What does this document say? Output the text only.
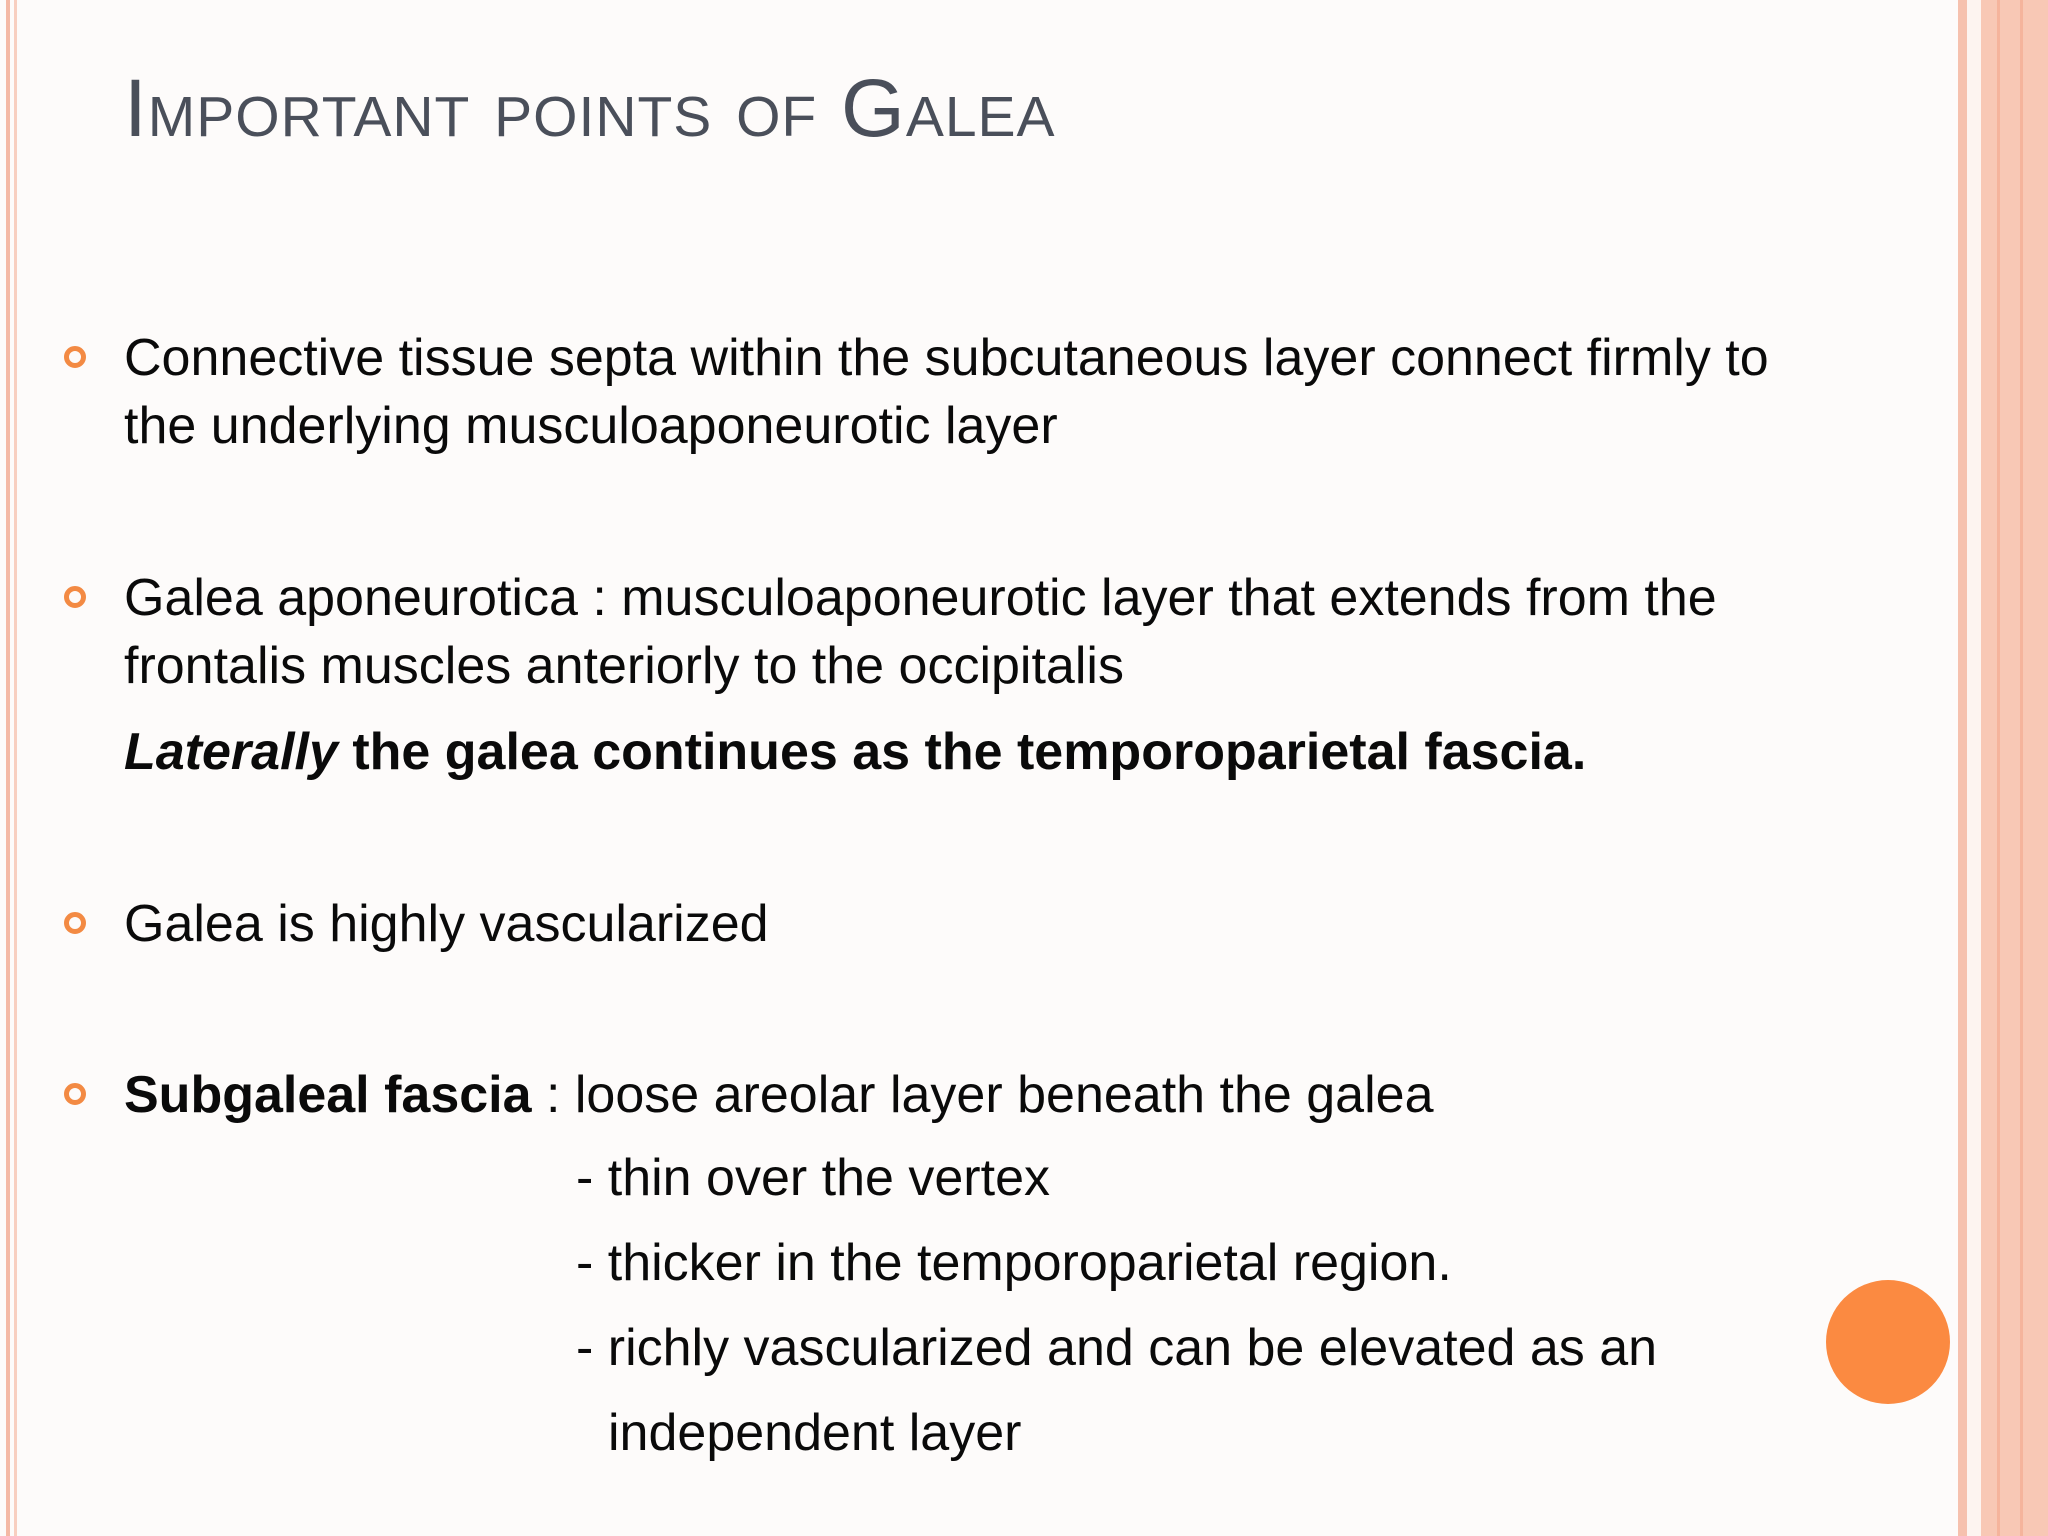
Important points of Galea
Connective tissue septa within the subcutaneous layer connect firmly to
the underlying musculoaponeurotic layer
Galea aponeurotica : musculoaponeurotic layer that extends from the
frontalis muscles anteriorly to the occipitalis
Laterally the galea continues as the temporoparietal fascia.
Galea is highly vascularized
Subgaleal fascia : loose areolar layer beneath the galea
- thin over the vertex
- thicker in the temporoparietal region.
- richly vascularized and can be elevated as an
independent layer
